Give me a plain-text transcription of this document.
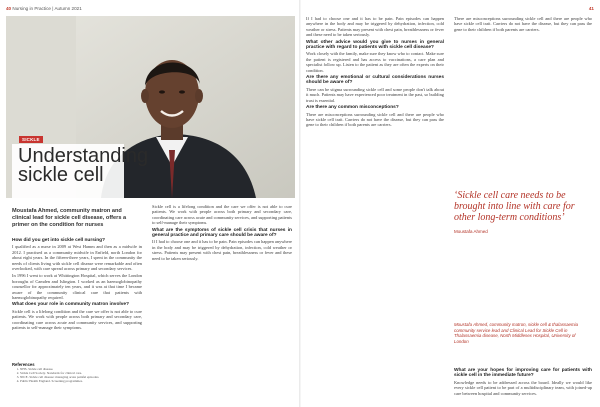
40 Nursing in Practice | Autumn 2021	41
SICKLE
Understanding
sickle cell
Moustafa Ahmed, community matron and clinical lead for sickle cell disease, offers a primer on the condition for nurses
How did you get into sickle cell nursing?

I qualified as a nurse in 2009 at West Hamm and then as a midwife in 2012. I practised as a community midwife in Enfield, north London for about eight years. In the fifteen-three years, I spent in the community the needs of clients living with sickle cell disease were remarkable and often overlooked, with care spread across primary and secondary services.

In 1996 I went to work at Whittington Hospital, which serves the London boroughs of Camden and Islington. I worked as an haemoglobinopathy counsellor for approximately ten years, and it was at that time I became aware of the community clinical care that patients with haemoglobinopathy required.

What does your role in community matron involve?

Sickle cell is a lifelong condition and the care we offer is not able to cure patients. We work with people across both primary and secondary care, coordinating care across acute and community services, and supporting patients to self-manage their symptoms.

References
1. NHS. Sickle cell disease.
2. Sickle Cell Society. Standards for clinical care.
3. NICE. Sickle cell disease: managing acute painful episodes.
4. Public Health England. Screening programmes.

Sickle cell is a lifelong condition and the care we offer is not able to cure patients. We work with people across both primary and secondary care, coordinating care across acute and community services, and supporting patients to self-manage their symptoms.

What are the symptoms of sickle cell crisis that nurses in general practice and primary care should be aware of?

If I had to choose one and it has to be pain. Pain episodes can happen anywhere in the body and may be triggered by dehydration, infection, cold weather or stress. Patients may present with chest pain, breathlessness or fever and these need to be taken seriously.

If I had to choose one and it has to be pain. Pain episodes can happen anywhere in the body and may be triggered by dehydration, infection, cold weather or stress. Patients may present with chest pain, breathlessness or fever and these need to be taken seriously.

What other advice would you give to nurses in general practice with regard to patients with sickle cell disease?

Work closely with the family, make sure they know who to contact. Make sure the patient is registered and has access to vaccinations, a care plan and specialist follow up. Listen to the patient as they are often the experts on their condition.

Are there any emotional or cultural considerations nurses should be aware of?

There can be stigma surrounding sickle cell and some people don't talk about it much. Patients may have experienced poor treatment in the past, so building trust is essential.

Are there any common misconceptions?

There are misconceptions surrounding sickle cell and there are people who have sickle cell trait. Carriers do not have the disease, but they can pass the gene to their children if both parents are carriers.

There are misconceptions surrounding sickle cell and there are people who have sickle cell trait. Carriers do not have the disease, but they can pass the gene to their children if both parents are carriers.

‘Sickle cell care needs to be brought into line with care for other long-term conditions’
Moustafa Ahmed
Moustafa Ahmed, community matron, sickle cell & thalassaemia community service lead and Clinical Lead for Sickle Cell in Thalassaemia disease, North Middlesex Hospital, University of London
What are your hopes for improving care for patients with sickle cell in the immediate future?

Knowledge needs to be addressed across the board. Ideally we would like every sickle cell patient to be part of a multidisciplinary team, with joined-up care between hospital and community services.
